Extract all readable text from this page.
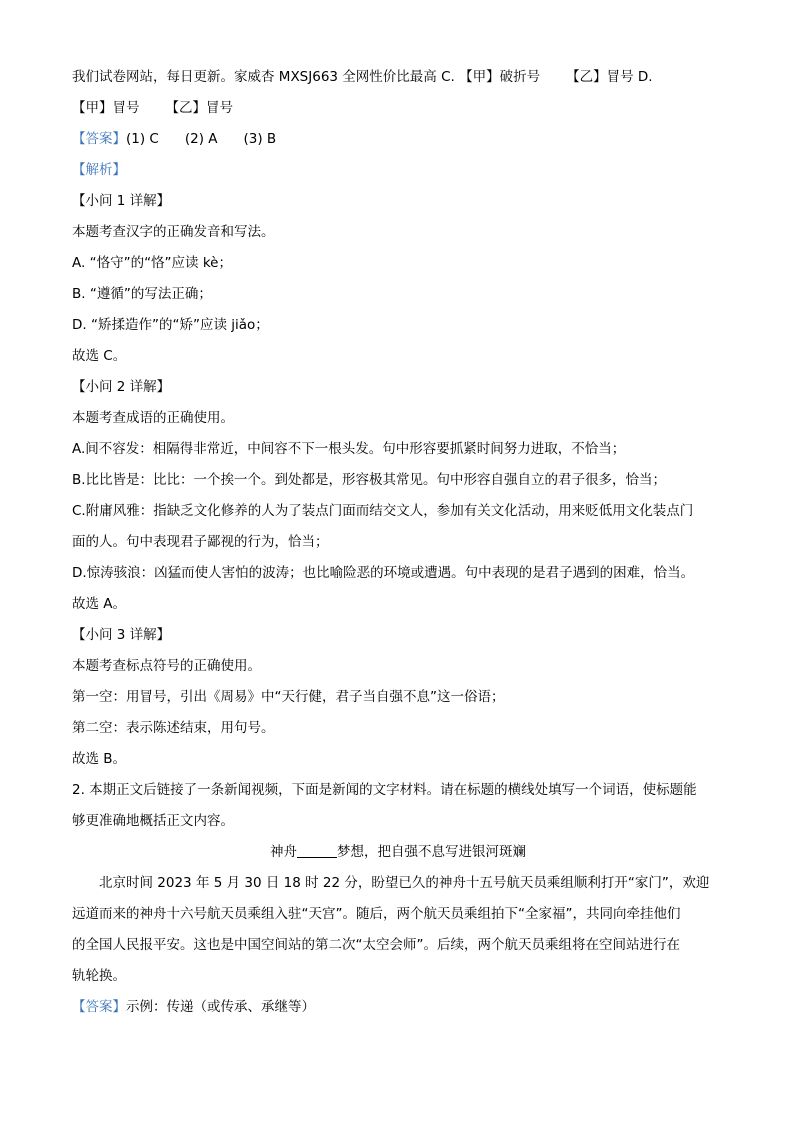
我们试卷网站，每日更新。家威杏 MXSJ663 全网性价比最高 C. 【甲】破折号 【乙】冒号 D.
【甲】冒号 【乙】冒号
【答案】(1) C (2) A (3) B
【解析】
【小问 1 详解】
本题考查汉字的正确发音和写法。
A. “恪守”的“恪”应读 kè；
B. “遵循”的写法正确；
D. “矫揉造作”的“矫”应读 jiǎo；
故选 C。
【小问 2 详解】
本题考查成语的正确使用。
A.间不容发：相隔得非常近，中间容不下一根头发。句中形容要抓紧时间努力进取，不恰当；
B.比比皆是：比比：一个挨一个。到处都是，形容极其常见。句中形容自强自立的君子很多，恰当；
C.附庸风雅：指缺乏文化修养的人为了装点门面而结交文人，参加有关文化活动，用来贬低用文化装点门
面的人。句中表现君子鄙视的行为，恰当；
D.惊涛骇浪：凶猛而使人害怕的波涛；也比喻险恶的环境或遭遇。句中表现的是君子遇到的困难，恰当。
故选 A。
【小问 3 详解】
本题考查标点符号的正确使用。
第一空：用冒号，引出《周易》中“天行健，君子当自强不息”这一俗语；
第二空：表示陈述结束，用句号。
故选 B。
2. 本期正文后链接了一条新闻视频，下面是新闻的文字材料。请在标题的横线处填写一个词语，使标题能
够更准确地概括正文内容。
神舟	梦想，把自强不息写进银河斑斓
北京时间 2023 年 5 月 30 日 18 时 22 分，盼望已久的神舟十五号航天员乘组顺利打开“家门”，欢迎
远道而来的神舟十六号航天员乘组入驻“天宫”。随后，两个航天员乘组拍下“全家福”，共同向牵挂他们
的全国人民报平安。这也是中国空间站的第二次“太空会师”。后续，两个航天员乘组将在空间站进行在
轨轮换。
【答案】示例：传递（或传承、承继等）
